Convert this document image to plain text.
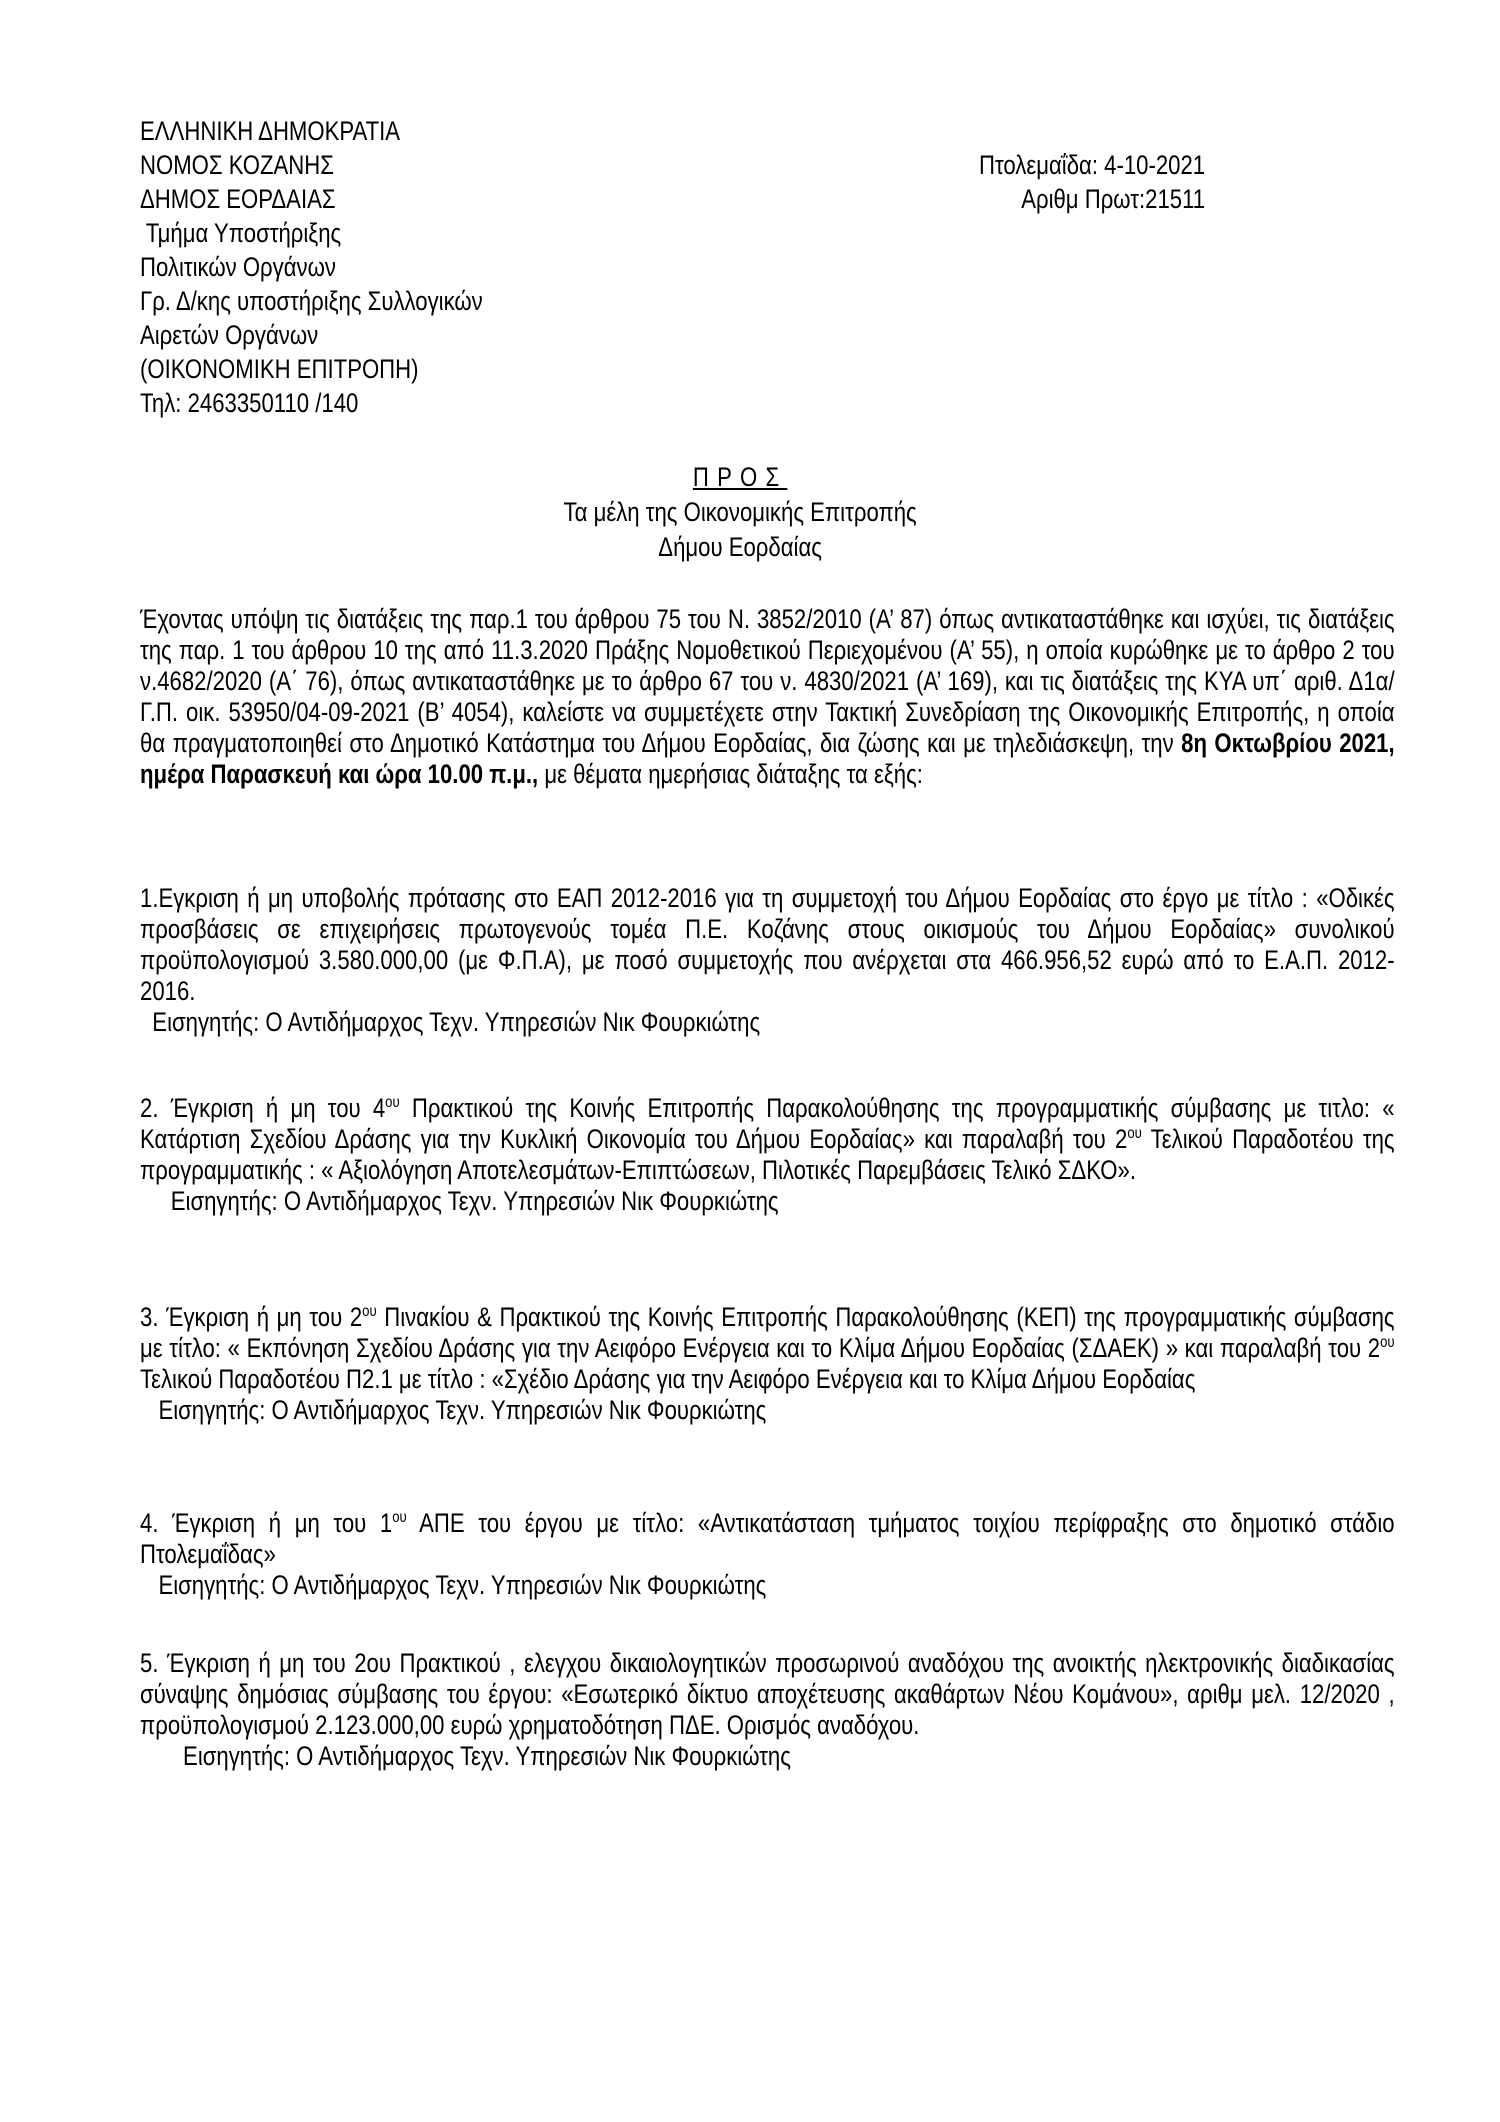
ΕΛΛΗΝΙΚΗ ΔΗΜΟΚΡΑΤΙΑ
ΝΟΜΟΣ ΚΟΖΑΝΗΣ
ΔΗΜΟΣ ΕΟΡΔΑΙΑΣ
Τμήμα Υποστήριξης
Πολιτικών Οργάνων
Γρ. Δ/κης υποστήριξης Συλλογικών
Αιρετών Οργάνων
(ΟΙΚΟΝΟΜΙΚΗ ΕΠΙΤΡΟΠΗ)
Τηλ: 2463350110 /140
Πτολεμαΐδα: 4-10-2021
Αριθμ Πρωτ:21511
ΠΡΟΣ
Τα μέλη της Οικονομικής Επιτροπής
Δήμου Εορδαίας

Έχοντας υπόψη τις διατάξεις της παρ.1 του άρθρου 75 του Ν. 3852/2010 (Α’ 87) όπως αντικαταστάθηκε και ισχύει, τις διατάξεις της παρ. 1 του άρθρου 10 της από 11.3.2020 Πράξης Νομοθετικού Περιεχομένου (Α’ 55), η οποία κυρώθηκε με το άρθρο 2 του ν.4682/2020 (Α΄ 76), όπως αντικαταστάθηκε με το άρθρο 67 του ν. 4830/2021 (Α’ 169), και τις διατάξεις της ΚΥΑ υπ΄ αριθ. Δ1α/Γ.Π. οικ. 53950/04-09-2021 (Β’ 4054), καλείστε να συμμετέχετε στην Τακτική Συνεδρίαση της Οικονομικής Επιτροπής, η οποία θα πραγματοποιηθεί στο Δημοτικό Κατάστημα του Δήμου Εορδαίας, δια ζώσης και με τηλεδιάσκεψη, την 8η Οκτωβρίου 2021, ημέρα Παρασκευή και ώρα 10.00 π.μ., με θέματα ημερήσιας διάταξης τα εξής:

1.Εγκριση ή μη υποβολής πρότασης στο ΕΑΠ 2012-2016 για τη συμμετοχή του Δήμου Εορδαίας στο έργο με τίτλο : «Οδικές προσβάσεις σε επιχειρήσεις πρωτογενούς τομέα Π.Ε. Κοζάνης στους οικισμούς του Δήμου Εορδαίας» συνολικού προϋπολογισμού 3.580.000,00 (με Φ.Π.Α), με ποσό συμμετοχής που ανέρχεται στα 466.956,52 ευρώ από το Ε.Α.Π. 2012-2016.

Εισηγητής: Ο Αντιδήμαρχος Τεχν. Υπηρεσιών Νικ Φουρκιώτης

2. Έγκριση ή μη του $4^{o\upsilon}$ Πρακτικού της Κοινής Επιτροπής Παρακολούθησης της προγραμματικής σύμβασης με τιτλο: « Κατάρτιση Σχεδίου Δράσης για την Κυκλική Οικονομία του Δήμου Εορδαίας» και παραλαβή του $2^{o\upsilon}$ Τελικού Παραδοτέου της προγραμματικής : « Αξιολόγηση Αποτελεσμάτων-Επιπτώσεων, Πιλοτικές Παρεμβάσεις Τελικό ΣΔΚΟ».

Εισηγητής: Ο Αντιδήμαρχος Τεχν. Υπηρεσιών Νικ Φουρκιώτης

3. Έγκριση ή μη του $2^{o\upsilon}$ Πινακίου & Πρακτικού της Κοινής Επιτροπής Παρακολούθησης (ΚΕΠ) της προγραμματικής σύμβασης με τίτλο: « Εκπόνηση Σχεδίου Δράσης για την Αειφόρο Ενέργεια και το Κλίμα Δήμου Εορδαίας (ΣΔΑΕΚ) » και παραλαβή του $2^{o\upsilon}$ Τελικού Παραδοτέου Π2.1 με τίτλο : «Σχέδιο Δράσης για την Αειφόρο Ενέργεια και το Κλίμα Δήμου Εορδαίας

Εισηγητής: Ο Αντιδήμαρχος Τεχν. Υπηρεσιών Νικ Φουρκιώτης

4. Έγκριση ή μη του $1^{o\upsilon}$ ΑΠΕ του έργου με τίτλο: «Αντικατάσταση τμήματος τοιχίου περίφραξης στο δημοτικό στάδιο Πτολεμαΐδας»

Εισηγητής: Ο Αντιδήμαρχος Τεχν. Υπηρεσιών Νικ Φουρκιώτης

5. Έγκριση ή μη του 2ου Πρακτικού , ελεγχου δικαιολογητικών προσωρινού αναδόχου της ανοικτής ηλεκτρονικής διαδικασίας σύναψης δημόσιας σύμβασης του έργου: «Εσωτερικό δίκτυο αποχέτευσης ακαθάρτων Νέου Κομάνου», αριθμ μελ. 12/2020 , προϋπολογισμού 2.123.000,00 ευρώ χρηματοδότηση ΠΔΕ. Ορισμός αναδόχου.

Εισηγητής: Ο Αντιδήμαρχος Τεχν. Υπηρεσιών Νικ Φουρκιώτης
